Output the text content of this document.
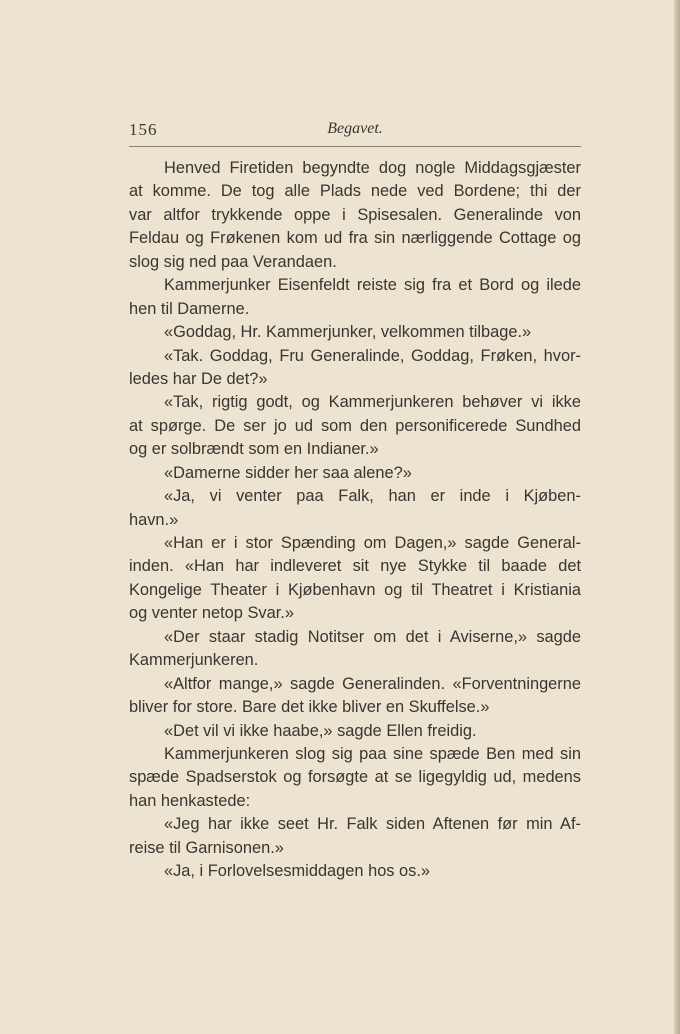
156	Begavet.
Henved Firetiden begyndte dog nogle Middagsgjæster
at komme. De tog alle Plads nede ved Bordene; thi der
var altfor trykkende oppe i Spisesalen. Generalinde von
Feldau og Frøkenen kom ud fra sin nærliggende Cottage og
slog sig ned paa Verandaen.
Kammerjunker Eisenfeldt reiste sig fra et Bord og ilede
hen til Damerne.
«Goddag, Hr. Kammerjunker, velkommen tilbage.»
«Tak. Goddag, Fru Generalinde, Goddag, Frøken, hvor-
ledes har De det?»
«Tak, rigtig godt, og Kammerjunkeren behøver vi ikke
at spørge. De ser jo ud som den personificerede Sundhed
og er solbrændt som en Indianer.»
«Damerne sidder her saa alene?»
«Ja, vi venter paa Falk, han er inde i Kjøben-
havn.»
«Han er i stor Spænding om Dagen,» sagde General-
inden. «Han har indleveret sit nye Stykke til baade det
Kongelige Theater i Kjøbenhavn og til Theatret i Kristiania
og venter netop Svar.»
«Der staar stadig Notitser om det i Aviserne,» sagde
Kammerjunkeren.
«Altfor mange,» sagde Generalinden. «Forventningerne
bliver for store. Bare det ikke bliver en Skuffelse.»
«Det vil vi ikke haabe,» sagde Ellen freidig.
Kammerjunkeren slog sig paa sine spæde Ben med sin
spæde Spadserstok og forsøgte at se ligegyldig ud, medens
han henkastede:
«Jeg har ikke seet Hr. Falk siden Aftenen før min Af-
reise til Garnisonen.»
«Ja, i Forlovelsesmiddagen hos os.»
